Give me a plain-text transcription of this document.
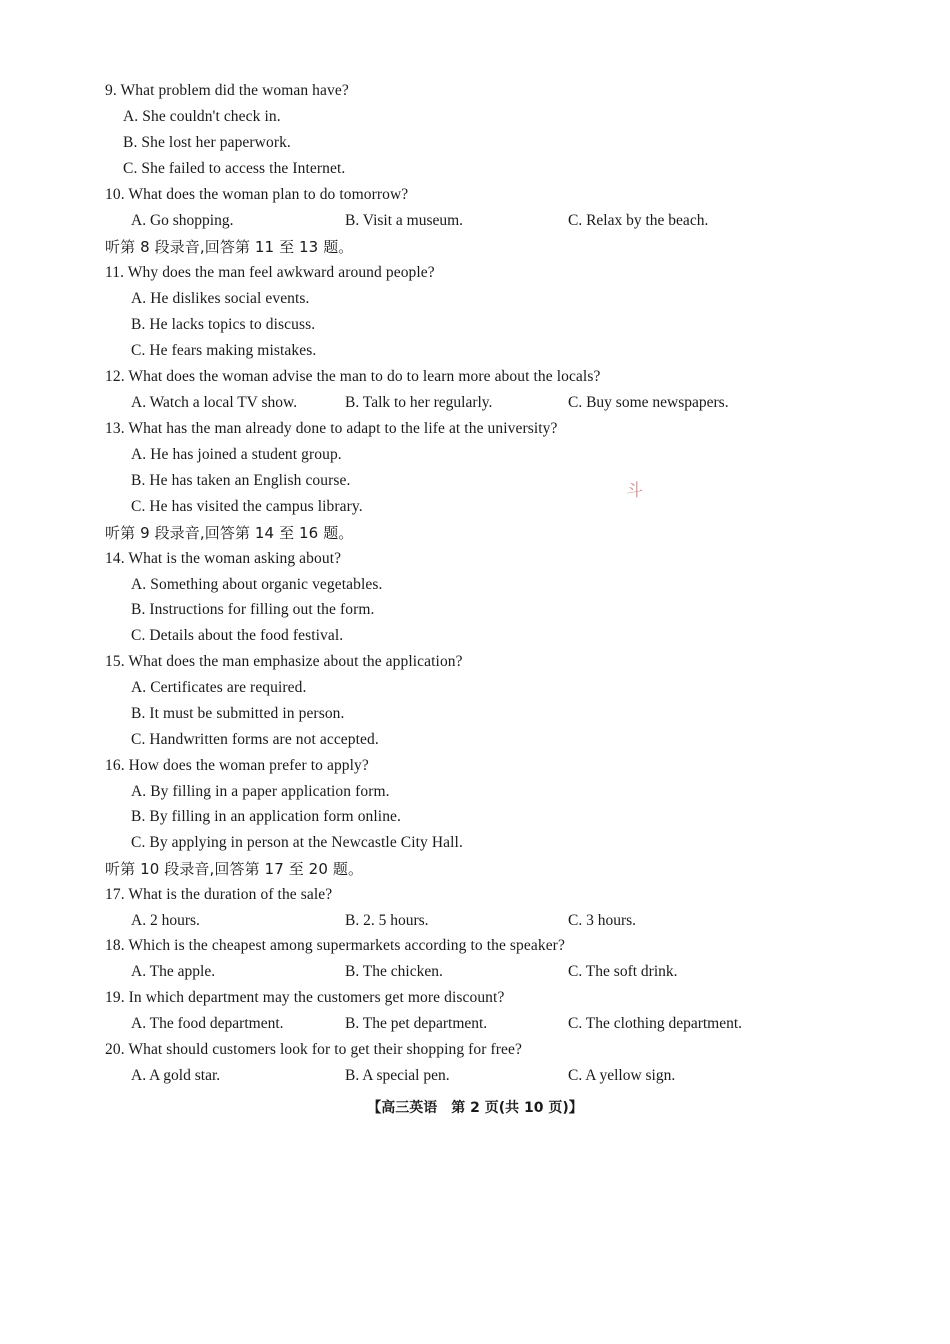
9. What problem did the woman have?
A. She couldn't check in.
B. She lost her paperwork.
C. She failed to access the Internet.
10. What does the woman plan to do tomorrow?
A. Go shopping.	B. Visit a museum.	C. Relax by the beach.
听第 8 段录音,回答第 11 至 13 题。
11. Why does the man feel awkward around people?
A. He dislikes social events.
B. He lacks topics to discuss.
C. He fears making mistakes.
12. What does the woman advise the man to do to learn more about the locals?
A. Watch a local TV show.	B. Talk to her regularly.	C. Buy some newspapers.
13. What has the man already done to adapt to the life at the university?
A. He has joined a student group.
B. He has taken an English course.
C. He has visited the campus library.
斗
听第 9 段录音,回答第 14 至 16 题。
14. What is the woman asking about?
A. Something about organic vegetables.
B. Instructions for filling out the form.
C. Details about the food festival.
15. What does the man emphasize about the application?
A. Certificates are required.
B. It must be submitted in person.
C. Handwritten forms are not accepted.
16. How does the woman prefer to apply?
A. By filling in a paper application form.
B. By filling in an application form online.
C. By applying in person at the Newcastle City Hall.
听第 10 段录音,回答第 17 至 20 题。
17. What is the duration of the sale?
A. 2 hours.	B. 2. 5 hours.	C. 3 hours.
18. Which is the cheapest among supermarkets according to the speaker?
A. The apple.	B. The chicken.	C. The soft drink.
19. In which department may the customers get more discount?
A. The food department.	B. The pet department.	C. The clothing department.
20. What should customers look for to get their shopping for free?
A. A gold star.	B. A special pen.	C. A yellow sign.
【高三英语　第 2 页(共 10 页)】
